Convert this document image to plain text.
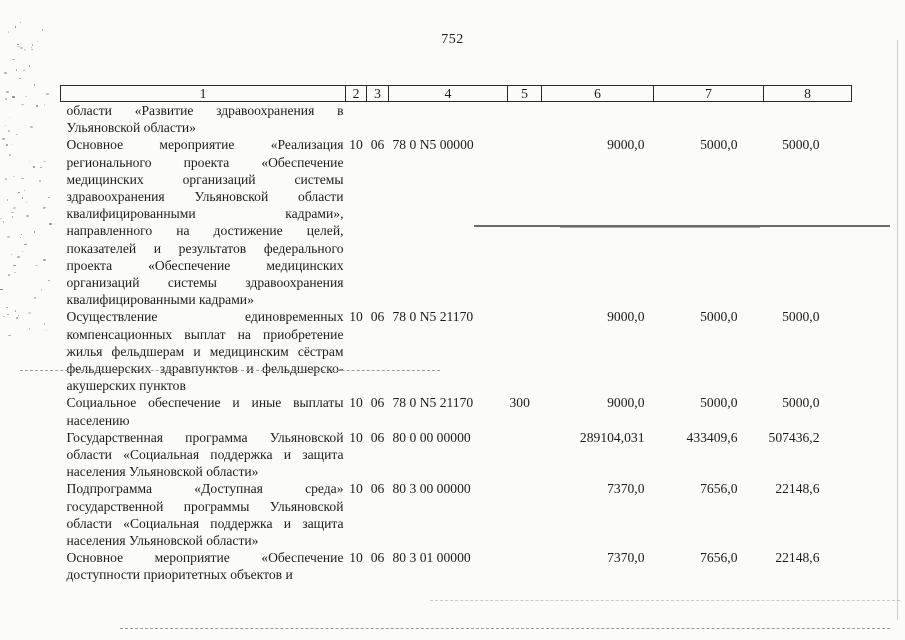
752
1	2	3	4	5	6	7	8
области «Развитие здравоохранения в Ульяновской области»							
Основное мероприятие «Реализация регионального проекта «Обеспечение медицинских организаций системы здравоохранения Ульяновской области квалифицированными кадрами», направленного на достижение целей, показателей и результатов федерального проекта «Обеспечение медицинских организаций системы здравоохранения квалифицированными кадрами»	10	06	78 0 N5 00000		9000,0	5000,0	5000,0
Осуществление единовременных компенсационных выплат на приобретение жилья фельдшерам и медицинским сёстрам фельдшерских здравпунктов и фельдшерско-акушерских пунктов	10	06	78 0 N5 21170		9000,0	5000,0	5000,0
Социальное обеспечение и иные выплаты населению	10	06	78 0 N5 21170	300	9000,0	5000,0	5000,0
Государственная программа Ульяновской области «Социальная поддержка и защита населения Ульяновской области»	10	06	80 0 00 00000		289104,031	433409,6	507436,2
Подпрограмма «Доступная среда» государственной программы Ульяновской области «Социальная поддержка и защита населения Ульяновской области»	10	06	80 3 00 00000		7370,0	7656,0	22148,6
Основное мероприятие «Обеспечение доступности приоритетных объектов и	10	06	80 3 01 00000		7370,0	7656,0	22148,6
